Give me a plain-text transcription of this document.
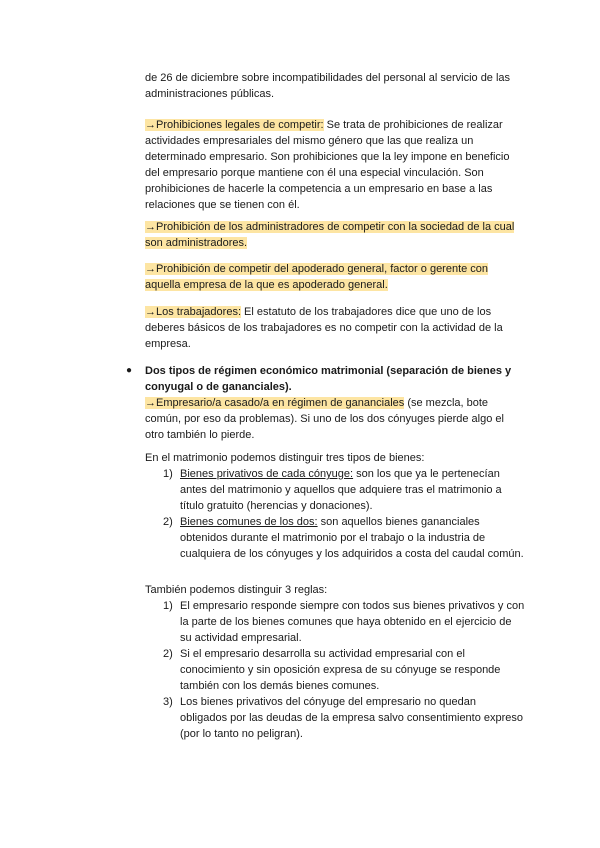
de 26 de diciembre sobre incompatibilidades del personal al servicio de las administraciones públicas.
→Prohibiciones legales de competir: Se trata de prohibiciones de realizar actividades empresariales del mismo género que las que realiza un determinado empresario. Son prohibiciones que la ley impone en beneficio del empresario porque mantiene con él una especial vinculación. Son prohibiciones de hacerle la competencia a un empresario en base a las relaciones que se tienen con él.
→Prohibición de los administradores de competir con la sociedad de la cual son administradores.
→Prohibición de competir del apoderado general, factor o gerente con aquella empresa de la que es apoderado general.
→Los trabajadores: El estatuto de los trabajadores dice que uno de los deberes básicos de los trabajadores es no competir con la actividad de la empresa.
● Dos tipos de régimen económico matrimonial (separación de bienes y conyugal o de gananciales).
→Empresario/a casado/a en régimen de gananciales (se mezcla, bote común, por eso da problemas). Si uno de los dos cónyuges pierde algo el otro también lo pierde.
En el matrimonio podemos distinguir tres tipos de bienes:
1) Bienes privativos de cada cónyuge: son los que ya le pertenecían antes del matrimonio y aquellos que adquiere tras el matrimonio a título gratuito (herencias y donaciones).
2) Bienes comunes de los dos: son aquellos bienes gananciales obtenidos durante el matrimonio por el trabajo o la industria de cualquiera de los cónyuges y los adquiridos a costa del caudal común.
También podemos distinguir 3 reglas:
1) El empresario responde siempre con todos sus bienes privativos y con la parte de los bienes comunes que haya obtenido en el ejercicio de su actividad empresarial.
2) Si el empresario desarrolla su actividad empresarial con el conocimiento y sin oposición expresa de su cónyuge se responde también con los demás bienes comunes.
3) Los bienes privativos del cónyuge del empresario no quedan obligados por las deudas de la empresa salvo consentimiento expreso (por lo tanto no peligran).
